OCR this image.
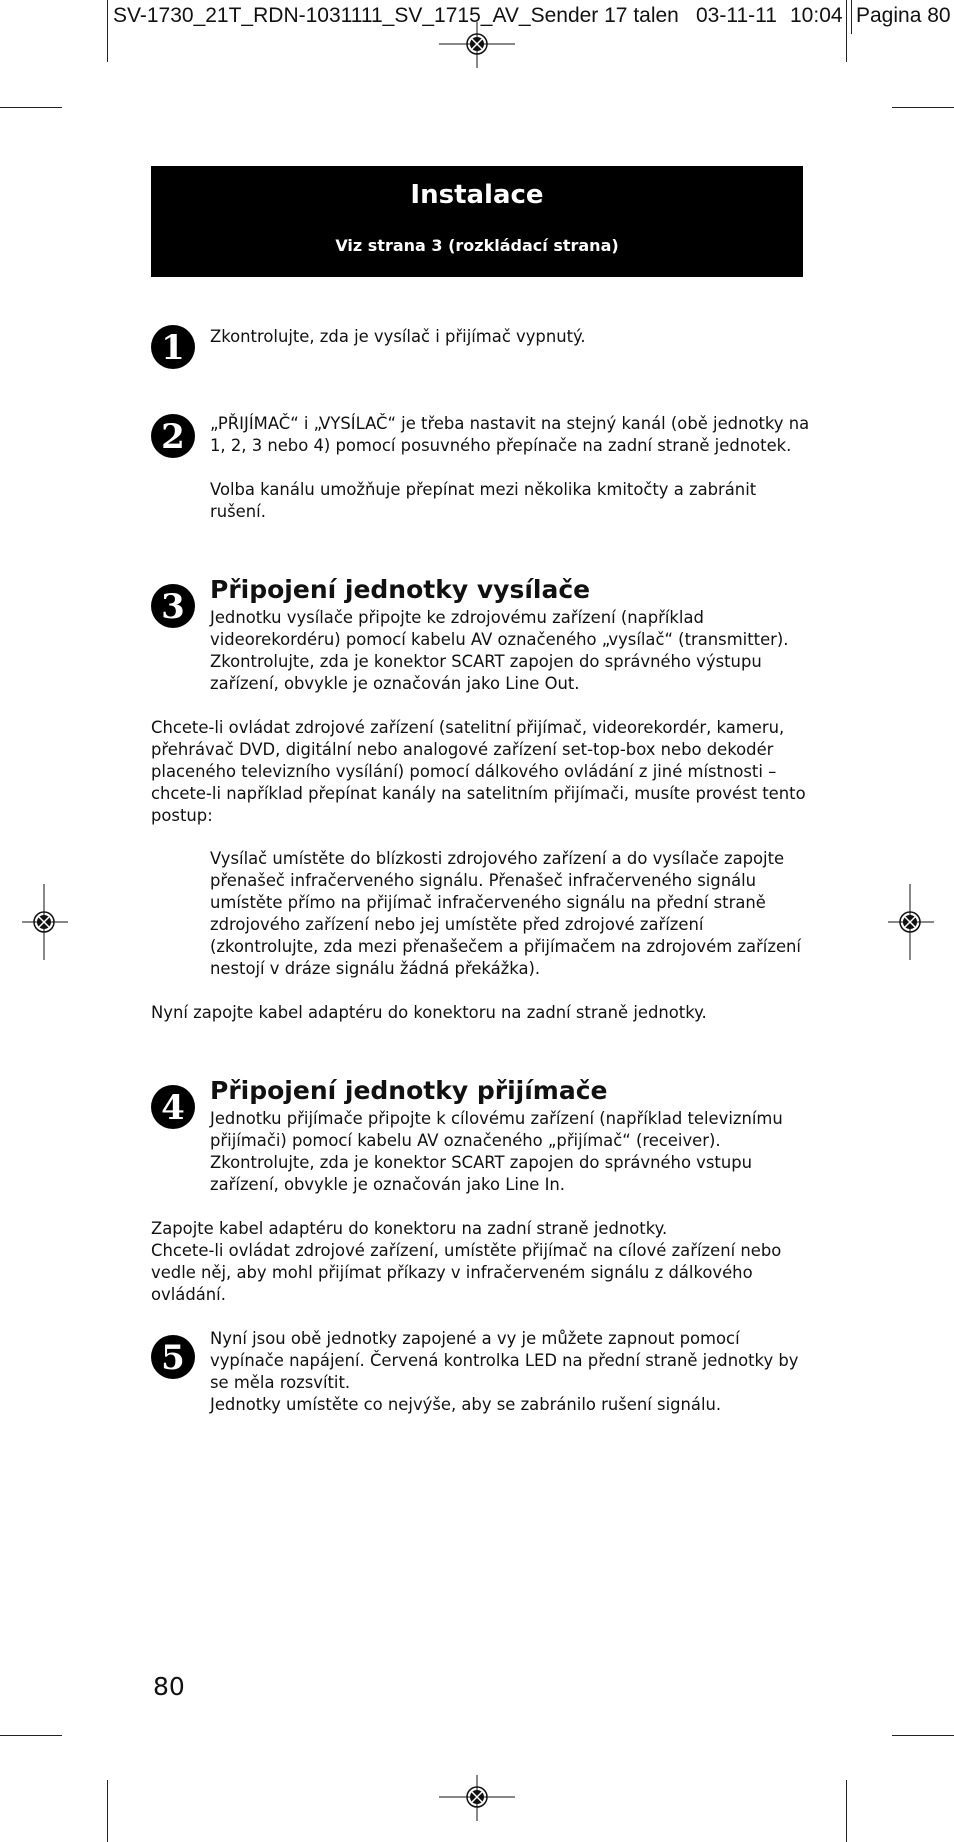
SV-1730_21T_RDN-1031111_SV_1715_AV_Sender 17 talen 03-11-11 10:04 Pagina 80
Instalace
Viz strana 3 (rozkládací strana)
1	Zkontrolujte, zda je vysílač i přijímač vypnutý.
2	„PŘIJÍMAČ“ i „VYSÍLAČ“ je třeba nastavit na stejný kanál (obě jednotky na 1, 2, 3 nebo 4) pomocí posuvného přepínače na zadní straně jednotek.
Volba kanálu umožňuje přepínat mezi několika kmitočty a zabránit rušení.
3	Připojení jednotky vysílače
Jednotku vysílače připojte ke zdrojovému zařízení (například videorekordéru) pomocí kabelu AV označeného „vysílač“ (transmitter). Zkontrolujte, zda je konektor SCART zapojen do správného výstupu zařízení, obvykle je označován jako Line Out.
Chcete-li ovládat zdrojové zařízení (satelitní přijímač, videorekordér, kameru, přehrávač DVD, digitální nebo analogové zařízení set-top-box nebo dekodér placeného televizního vysílání) pomocí dálkového ovládání z jiné místnosti – chcete-li například přepínat kanály na satelitním přijímači, musíte provést tento postup:
Vysílač umístěte do blízkosti zdrojového zařízení a do vysílače zapojte přenašeč infračerveného signálu. Přenašeč infračerveného signálu umístěte přímo na přijímač infračerveného signálu na přední straně zdrojového zařízení nebo jej umístěte před zdrojové zařízení (zkontrolujte, zda mezi přenašečem a přijímačem na zdrojovém zařízení nestojí v dráze signálu žádná překážka).
Nyní zapojte kabel adaptéru do konektoru na zadní straně jednotky.
4	Připojení jednotky přijímače
Jednotku přijímače připojte k cílovému zařízení (například televiznímu přijímači) pomocí kabelu AV označeného „přijímač“ (receiver). Zkontrolujte, zda je konektor SCART zapojen do správného vstupu zařízení, obvykle je označován jako Line In.
Zapojte kabel adaptéru do konektoru na zadní straně jednotky.
Chcete-li ovládat zdrojové zařízení, umístěte přijímač na cílové zařízení nebo vedle něj, aby mohl přijímat příkazy v infračerveném signálu z dálkového ovládání.
5	Nyní jsou obě jednotky zapojené a vy je můžete zapnout pomocí vypínače napájení. Červená kontrolka LED na přední straně jednotky by se měla rozsvítit.
Jednotky umístěte co nejvýše, aby se zabránilo rušení signálu.
80
